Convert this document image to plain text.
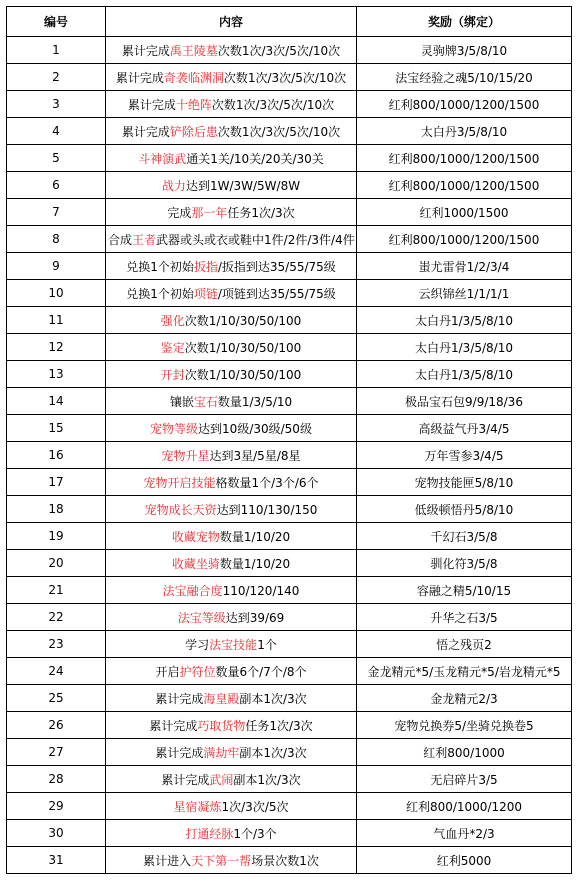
编号	内容	奖励（绑定）
1	累计完成禹王陵墓次数1次/3次/5次/10次	灵驹牌3/5/8/10
2	累计完成奇袭临渊洞次数1次/3次/5次/10次	法宝经验之魂5/10/15/20
3	累计完成十绝阵次数1次/3次/5次/10次	红利800/1000/1200/1500
4	累计完成铲除后患次数1次/3次/5次/10次	太白丹3/5/8/10
5	斗神演武通关1关/10关/20关/30关	红利800/1000/1200/1500
6	战力达到1W/3W/5W/8W	红利800/1000/1200/1500
7	完成那一年任务1次/3次	红利1000/1500
8	合成王者武器或头或衣或鞋中1件/2件/3件/4件	红利800/1000/1200/1500
9	兑换1个初始扳指/扳指到达35/55/75级	蚩尤雷骨1/2/3/4
10	兑换1个初始项链/项链到达35/55/75级	云织锦丝1/1/1/1
11	强化次数1/10/30/50/100	太白丹1/3/5/8/10
12	鉴定次数1/10/30/50/100	太白丹1/3/5/8/10
13	开封次数1/10/30/50/100	太白丹1/3/5/8/10
14	镶嵌宝石数量1/3/5/10	极品宝石包9/9/18/36
15	宠物等级达到10级/30级/50级	高级益气丹3/4/5
16	宠物升星达到3星/5星/8星	万年雪参3/4/5
17	宠物开启技能格数量1个/3个/6个	宠物技能匣5/8/10
18	宠物成长天资达到110/130/150	低级顿悟丹5/8/10
19	收藏宠物数量1/10/20	千幻石3/5/8
20	收藏坐骑数量1/10/20	驯化符3/5/8
21	法宝融合度110/120/140	容融之精5/10/15
22	法宝等级达到39/69	升华之石3/5
23	学习法宝技能1个	悟之残页2
24	开启护符位数量6个/7个/8个	金龙精元*5/玉龙精元*5/岩龙精元*5
25	累计完成海皇殿副本1次/3次	金龙精元2/3
26	累计完成巧取货物任务1次/3次	宠物兑换券5/坐骑兑换卷5
27	累计完成满劫牢副本1次/3次	红利800/1000
28	累计完成武闹副本1次/3次	无启碎片3/5
29	星宿凝炼1次/3次/5次	红利800/1000/1200
30	打通经脉1个/3个	气血丹*2/3
31	累计进入天下第一帮场景次数1次	红利5000
